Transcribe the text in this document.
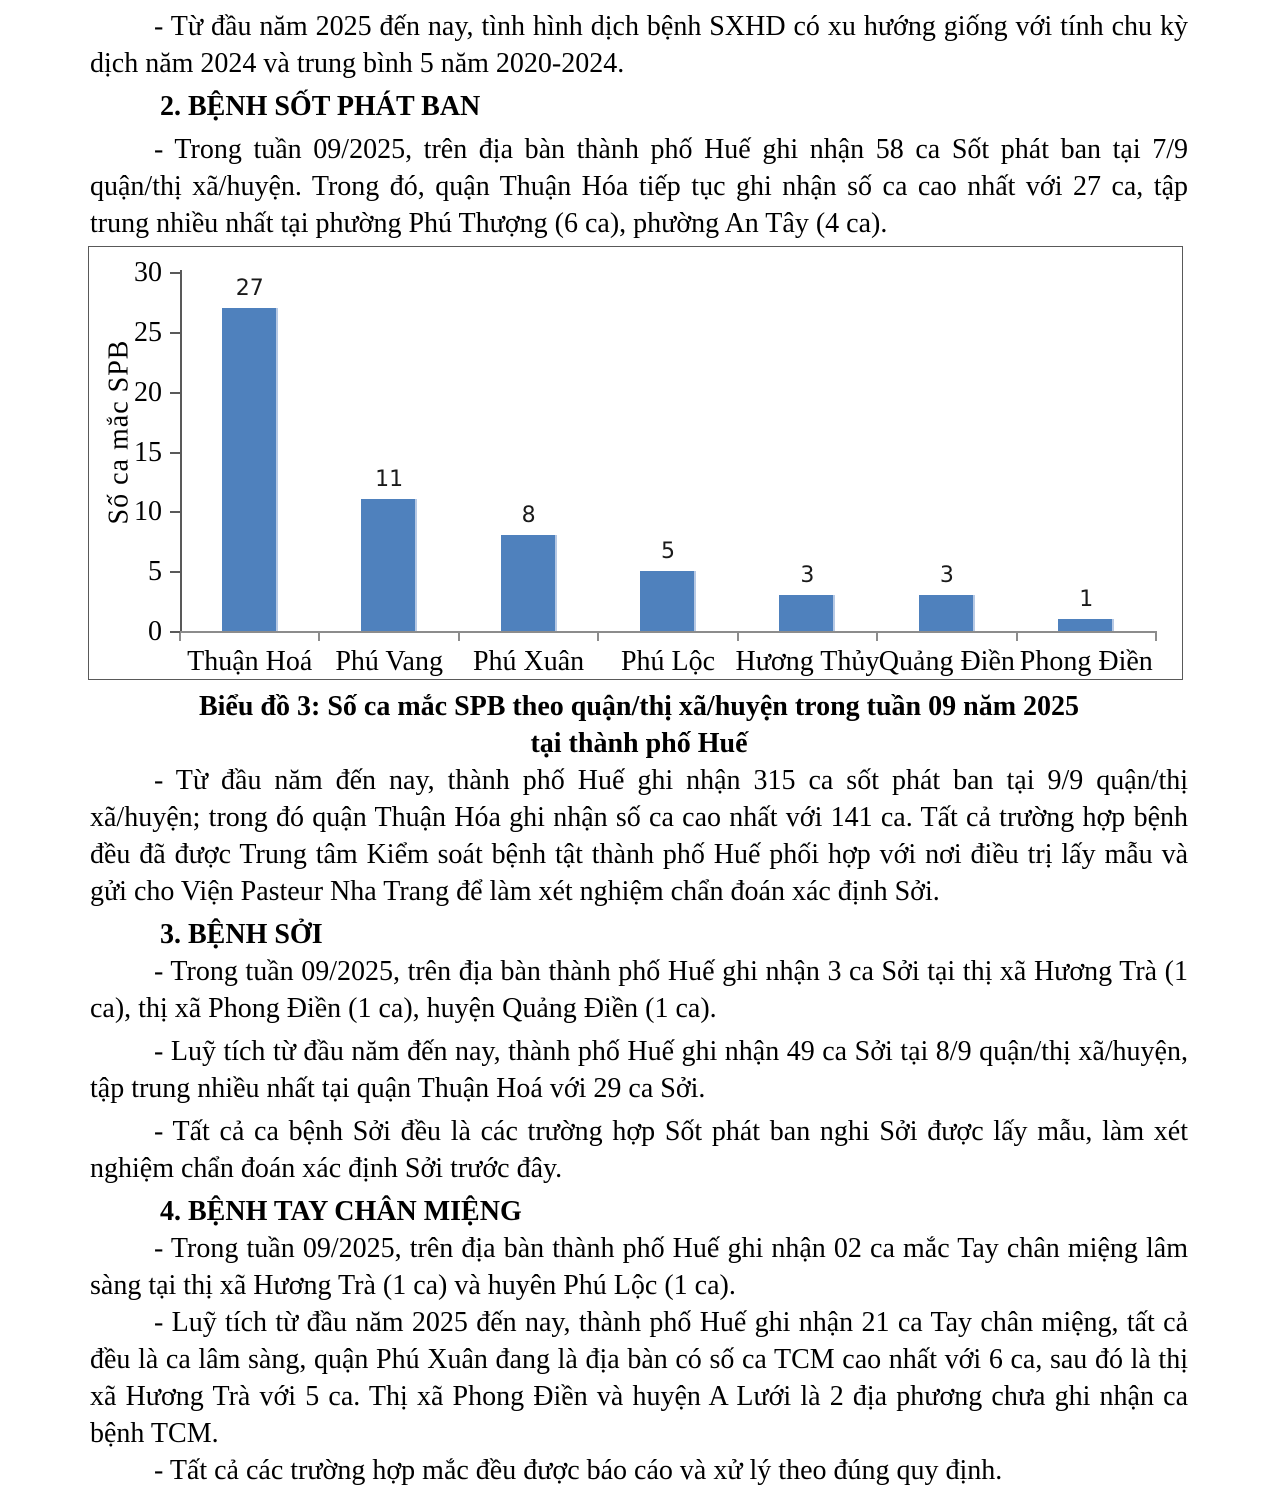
- Từ đầu năm 2025 đến nay, tình hình dịch bệnh SXHD có xu hướng giống với tính chu kỳ dịch năm 2024 và trung bình 5 năm 2020-2024.

2. BỆNH SỐT PHÁT BAN

- Trong tuần 09/2025, trên địa bàn thành phố Huế ghi nhận 58 ca Sốt phát ban tại 7/9 quận/thị xã/huyện. Trong đó, quận Thuận Hóa tiếp tục ghi nhận số ca cao nhất với 27 ca, tập trung nhiều nhất tại phường Phú Thượng (6 ca), phường An Tây (4 ca).

Số ca mắc SPB
0
5
10
15
20
25
30
27
Thuận Hoá
11
Phú Vang
8
Phú Xuân
5
Phú Lộc
3
Hương Thủy
3
Quảng Điền
1
Phong Điền

Biểu đồ 3: Số ca mắc SPB theo quận/thị xã/huyện trong tuần 09 năm 2025
tại thành phố Huế

- Từ đầu năm đến nay, thành phố Huế ghi nhận 315 ca sốt phát ban tại 9/9 quận/thị xã/huyện; trong đó quận Thuận Hóa ghi nhận số ca cao nhất với 141 ca. Tất cả trường hợp bệnh đều đã được Trung tâm Kiểm soát bệnh tật thành phố Huế phối hợp với nơi điều trị lấy mẫu và gửi cho Viện Pasteur Nha Trang để làm xét nghiệm chẩn đoán xác định Sởi.

3. BỆNH SỞI

- Trong tuần 09/2025, trên địa bàn thành phố Huế ghi nhận 3 ca Sởi tại thị xã Hương Trà (1 ca), thị xã Phong Điền (1 ca), huyện Quảng Điền (1 ca).

- Luỹ tích từ đầu năm đến nay, thành phố Huế ghi nhận 49 ca Sởi tại 8/9 quận/thị xã/huyện, tập trung nhiều nhất tại quận Thuận Hoá với 29 ca Sởi.

- Tất cả ca bệnh Sởi đều là các trường hợp Sốt phát ban nghi Sởi được lấy mẫu, làm xét nghiệm chẩn đoán xác định Sởi trước đây.

4. BỆNH TAY CHÂN MIỆNG

- Trong tuần 09/2025, trên địa bàn thành phố Huế ghi nhận 02 ca mắc Tay chân miệng lâm sàng tại thị xã Hương Trà (1 ca) và huyên Phú Lộc (1 ca).

- Luỹ tích từ đầu năm 2025 đến nay, thành phố Huế ghi nhận 21 ca Tay chân miệng, tất cả đều là ca lâm sàng, quận Phú Xuân đang là địa bàn có số ca TCM cao nhất với 6 ca, sau đó là thị xã Hương Trà với 5 ca. Thị xã Phong Điền và huyện A Lưới là 2 địa phương chưa ghi nhận ca bệnh TCM.

- Tất cả các trường hợp mắc đều được báo cáo và xử lý theo đúng quy định.
